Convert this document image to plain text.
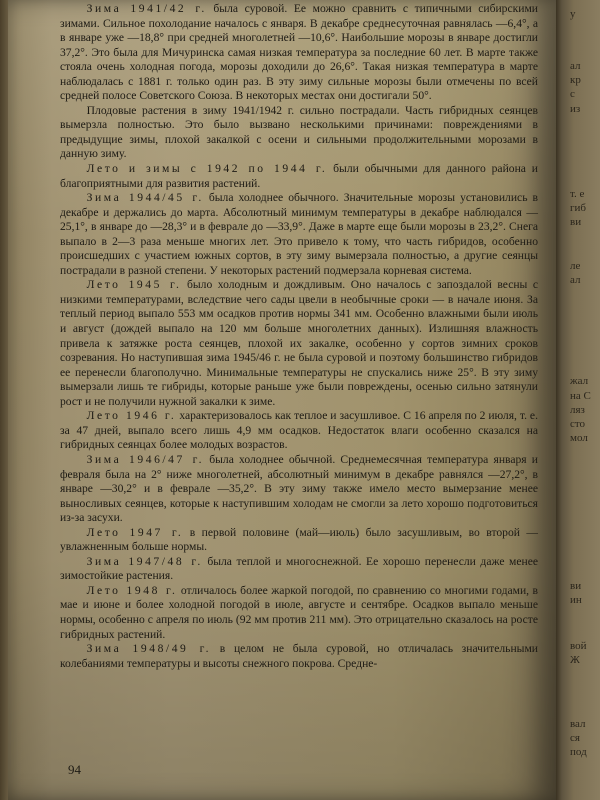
Зима 1941/42 г. была суровой. Ее можно сравнить с типичными сибирскими зимами. Сильное похолодание началось с января. В декабре среднесуточная равнялась —6,4°, а в январе уже —18,8° при средней многолетней —10,6°. Наибольшие морозы в январе достигли 37,2°. Это была для Мичуринска самая низкая температура за последние 60 лет. В марте также стояла очень холодная погода, морозы доходили до 26,6°. Такая низкая температура в марте наблюдалась с 1881 г. только один раз. В эту зиму сильные морозы были отмечены по всей средней полосе Советского Союза. В некоторых местах они достигали 50°.

Плодовые растения в зиму 1941/1942 г. сильно пострадали. Часть гибридных сеянцев вымерзла полностью. Это было вызвано несколькими причинами: повреждениями в предыдущие зимы, плохой закалкой с осени и сильными продолжительными морозами в данную зиму.

Лето и зимы с 1942 по 1944 г. были обычными для данного района и благоприятными для развития растений.

Зима 1944/45 г. была холоднее обычного. Значительные морозы установились в декабре и держались до марта. Абсолютный минимум температуры в декабре наблюдался —25,1°, в январе до —28,3° и в феврале до —33,9°. Даже в марте еще были морозы в 23,2°. Снега выпало в 2—3 раза меньше многих лет. Это привело к тому, что часть гибридов, особенно происшедших с участием южных сортов, в эту зиму вымерзала полностью, а другие сеянцы пострадали в разной степени. У некоторых растений подмерзала корневая система.

Лето 1945 г. было холодным и дождливым. Оно началось с запоздалой весны с низкими температурами, вследствие чего сады цвели в необычные сроки — в начале июня. За теплый период выпало 553 мм осадков против нормы 341 мм. Особенно влажными были июль и август (дождей выпало на 120 мм больше многолетних данных). Излишняя влажность привела к затяжке роста сеянцев, плохой их закалке, особенно у сортов зимних сроков созревания. Но наступившая зима 1945/46 г. не была суровой и поэтому большинство гибридов ее перенесли благополучно. Минимальные температуры не спускались ниже 25°. В эту зиму вымерзали лишь те гибриды, которые раньше уже были повреждены, осенью сильно затянули рост и не получили нужной закалки к зиме.

Лето 1946 г. характеризовалось как теплое и засушливое. С 16 апреля по 2 июля, т. е. за 47 дней, выпало всего лишь 4,9 мм осадков. Недостаток влаги особенно сказался на гибридных сеянцах более молодых возрастов.

Зима 1946/47 г. была холоднее обычной. Среднемесячная температура января и февраля была на 2° ниже многолетней, абсолютный минимум в декабре равнялся —27,2°, в январе —30,2° и в феврале —35,2°. В эту зиму также имело место вымерзание менее выносливых сеянцев, которые к наступившим холодам не смогли за лето хорошо подготовиться из-за засухи.

Лето 1947 г. в первой половине (май—июль) было засушливым, во второй — увлажненным больше нормы.

Зима 1947/48 г. была теплой и многоснежной. Ее хорошо перенесли даже менее зимостойкие растения.

Лето 1948 г. отличалось более жаркой погодой, по сравнению со многими годами, в мае и июне и более холодной погодой в июле, августе и сентябре. Осадков выпало меньше нормы, особенно с апреля по июль (92 мм против 211 мм). Это отрицательно сказалось на росте гибридных растений.

Зима 1948/49 г. в целом не была суровой, но отличалась значительными колебаниями температуры и высоты снежного покрова. Средне-

94
у
ал
кр
с
из
т. е
гиб
ви
ле
ал
жал
на С
ляз
сто
мол
ви
ин
вой
Ж
вал
ся
под
